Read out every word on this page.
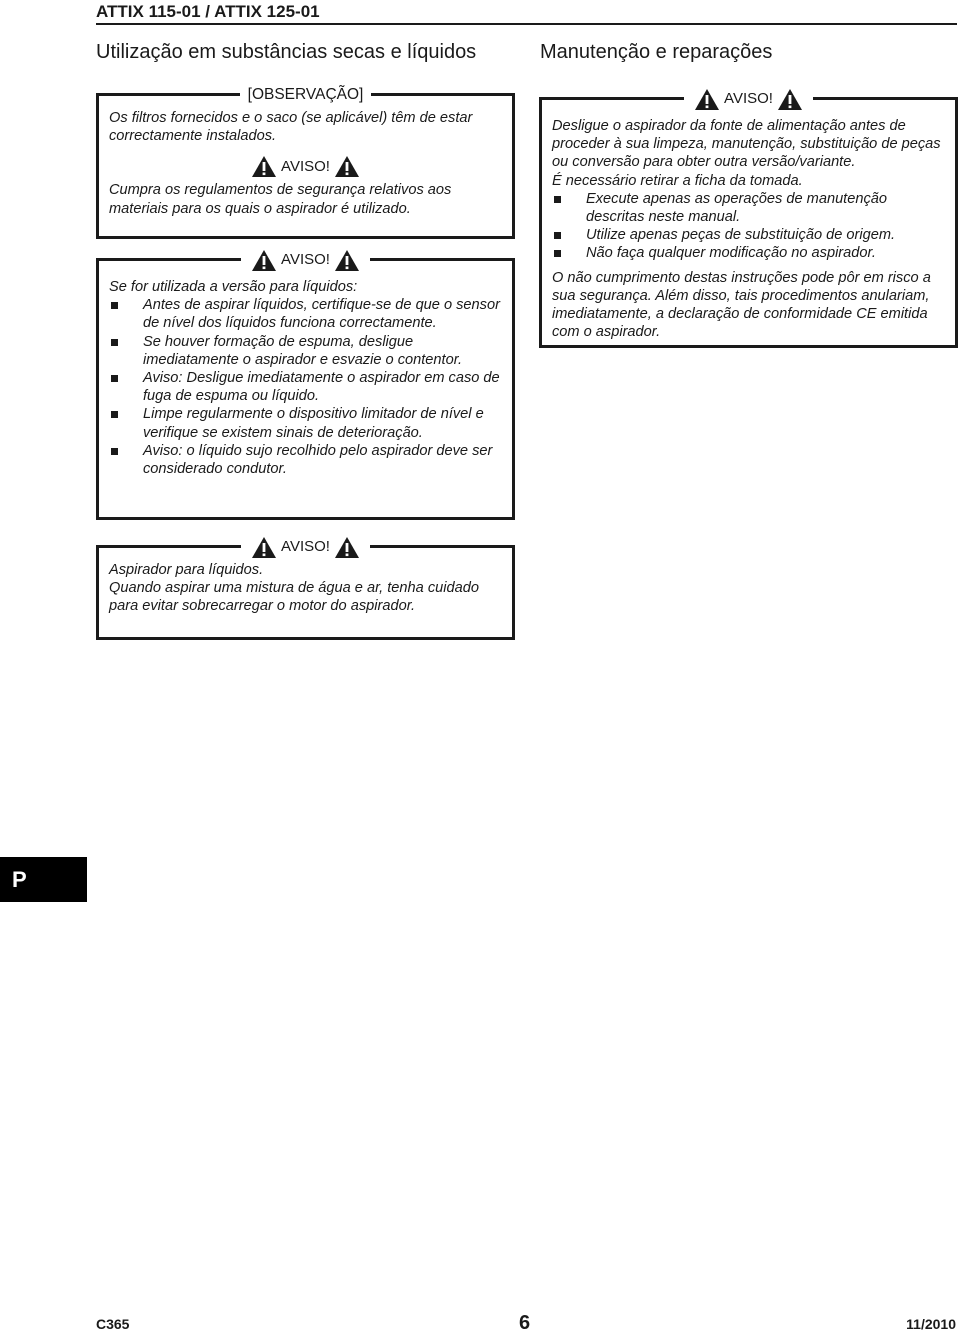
ATTIX 115-01 / ATTIX 125-01
Utilização em substâncias secas e líquidos
[OBSERVAÇÃO]
Os filtros fornecidos e o saco (se aplicável) têm de estar correctamente instalados.
AVISO!
Cumpra os regulamentos de segurança relativos aos materiais para os quais o aspirador é utilizado.
AVISO!
Se for utilizada a versão para líquidos:
Antes de aspirar líquidos, certifique-se de que o sensor de nível dos líquidos funciona correctamente.
Se houver formação de espuma, desligue imediatamente o aspirador e esvazie o contentor.
Aviso: Desligue imediatamente o aspirador em caso de fuga de espuma ou líquido.
Limpe regularmente o dispositivo limitador de nível e verifique se existem sinais de deterioração.
Aviso: o líquido sujo recolhido pelo aspirador deve ser considerado condutor.
AVISO!
Aspirador para líquidos.
Quando aspirar uma mistura de água e ar, tenha cuidado para evitar sobrecarregar o motor do aspirador.
Manutenção e reparações
AVISO!
Desligue o aspirador da fonte de alimentação antes de proceder à sua limpeza, manutenção, substituição de peças ou conversão para obter outra versão/variante.
É necessário retirar a ficha da tomada.
Execute apenas as operações de manutenção descritas neste manual.
Utilize apenas peças de substituição de origem.
Não faça qualquer modificação no aspirador.
O não cumprimento destas instruções pode pôr em risco a sua segurança. Além disso, tais procedimentos anulariam, imediatamente, a declaração de conformidade CE emitida com o aspirador.
P
C365	6	11/2010
